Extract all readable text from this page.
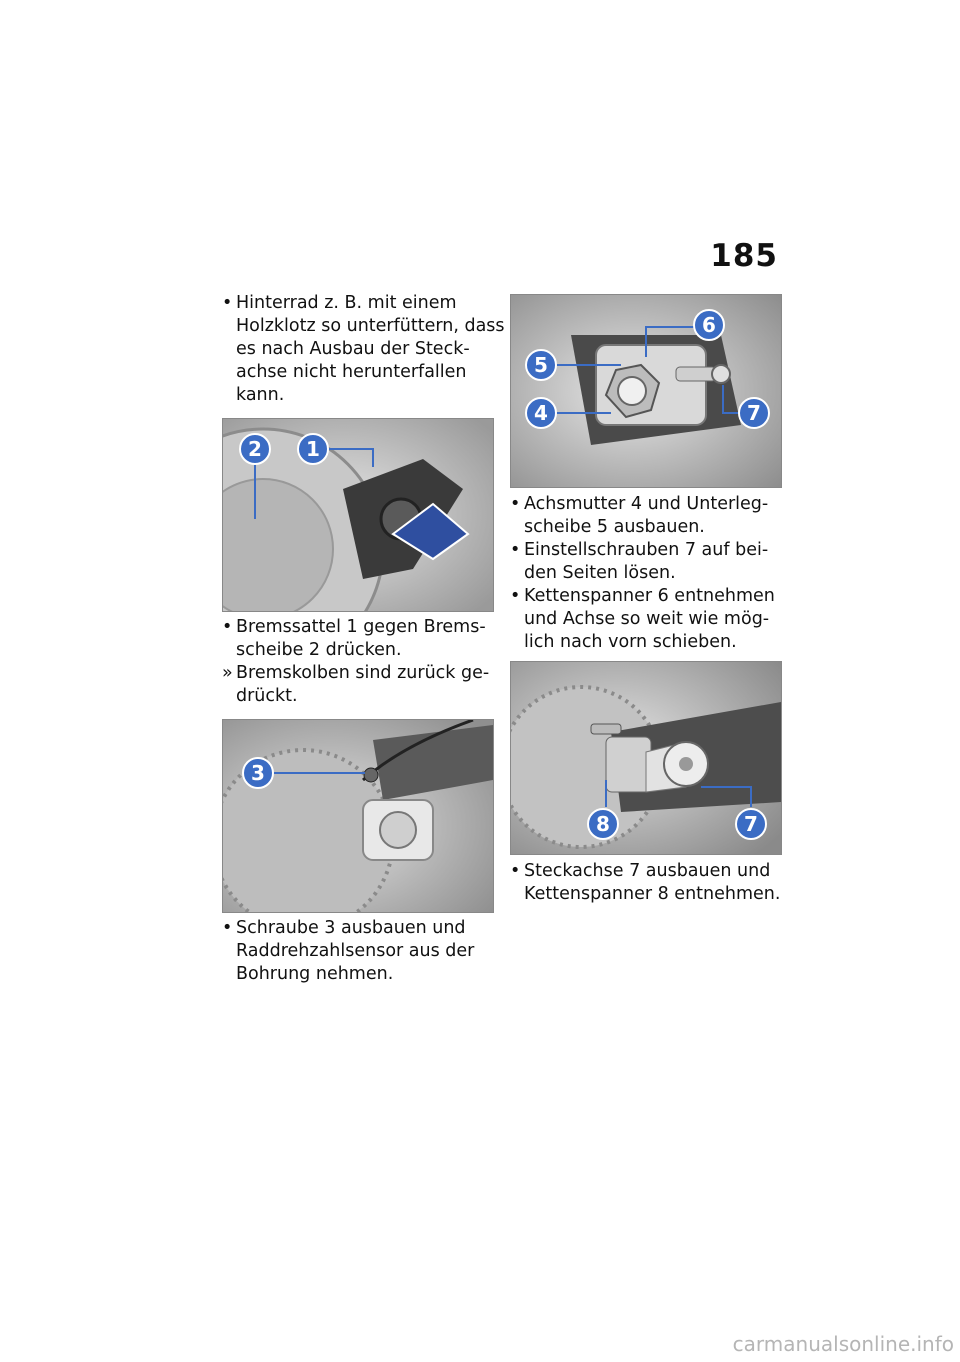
185
• Hinterrad z. B. mit einem
Holzklotz so unterfüttern, dass
es nach Ausbau der Steck-
achse nicht herunterfallen
kann.
2 1
• Bremssattel 1 gegen Brems-
scheibe 2 drücken.
» Bremskolben sind zurück ge-
drückt.
3
• Schraube 3 ausbauen und
Raddrehzahlsensor aus der
Bohrung nehmen.
6
5
4	7
• Achsmutter 4 und Unterleg-
scheibe 5 ausbauen.
• Einstellschrauben 7 auf bei-
den Seiten lösen.
• Kettenspanner 6 entnehmen
und Achse so weit wie mög-
lich nach vorn schieben.
8	7
• Steckachse 7 ausbauen und
Kettenspanner 8 entnehmen.
carmanualsonline.info
